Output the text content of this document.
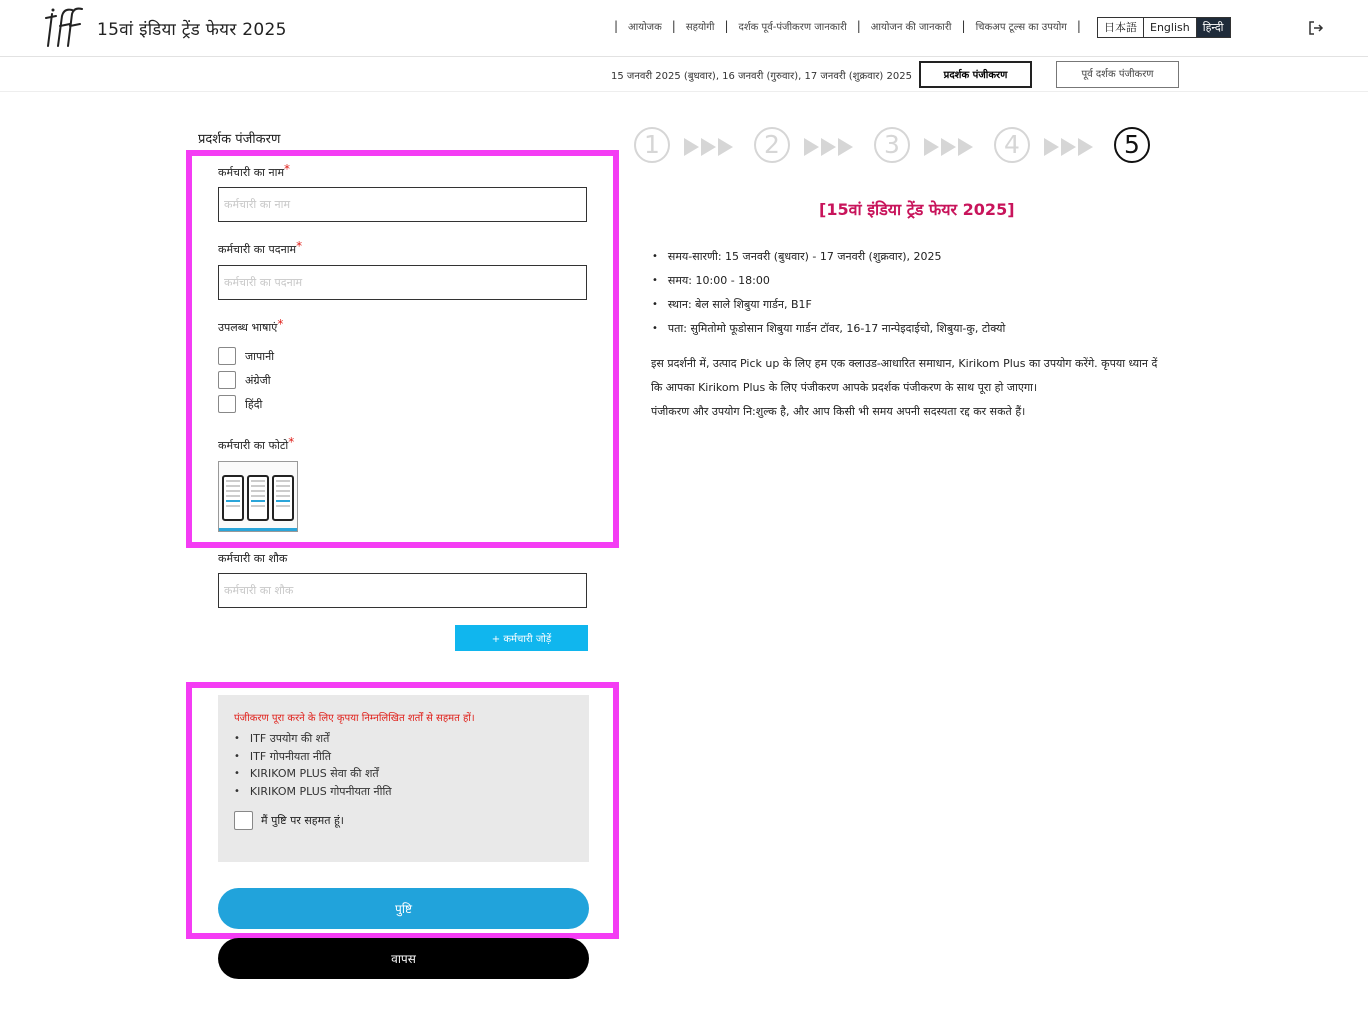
15वां इंडिया ट्रेंड फेयर 2025	| आयोजक | सहयोगी | दर्शक पूर्व-पंजीकरण जानकारी | आयोजन की जानकारी | चिकअप टूल्स का उपयोग |	日本語	English	हिन्दी
15 जनवरी 2025 (बुधवार), 16 जनवरी (गुरुवार), 17 जनवरी (शुक्रवार) 2025	प्रदर्शक पंजीकरण	पूर्व दर्शक पंजीकरण
प्रदर्शक पंजीकरण
कर्मचारी का नाम*
कर्मचारी का नाम
कर्मचारी का पदनाम*
कर्मचारी का पदनाम
उपलब्ध भाषाएं*
जापानी
अंग्रेजी
हिंदी
कर्मचारी का फोटो*
कर्मचारी का शौक
कर्मचारी का शौक
+ कर्मचारी जोड़ें
पंजीकरण पूरा करने के लिए कृपया निम्नलिखित शर्तों से सहमत हों।
• ITF उपयोग की शर्तें
• ITF गोपनीयता नीति
• KIRIKOM PLUS सेवा की शर्तें
• KIRIKOM PLUS गोपनीयता नीति
मैं पुष्टि पर सहमत हूं।
पुष्टि
वापस
1	2	3	4	5
[15वां इंडिया ट्रेंड फेयर 2025]
• समय-सारणी: 15 जनवरी (बुधवार) - 17 जनवरी (शुक्रवार), 2025
• समय: 10:00 - 18:00
• स्थान: बेल साले शिबुया गार्डन, B1F
• पता: सुमितोमो फूडोसान शिबुया गार्डन टॉवर, 16-17 नान्पेइदाईचो, शिबुया-कु, टोक्यो
इस प्रदर्शनी में, उत्पाद Pick up के लिए हम एक क्लाउड-आधारित समाधान, Kirikom Plus का उपयोग करेंगे. कृपया ध्यान दें
कि आपका Kirikom Plus के लिए पंजीकरण आपके प्रदर्शक पंजीकरण के साथ पूरा हो जाएगा।
पंजीकरण और उपयोग नि:शुल्क है, और आप किसी भी समय अपनी सदस्यता रद्द कर सकते हैं।
